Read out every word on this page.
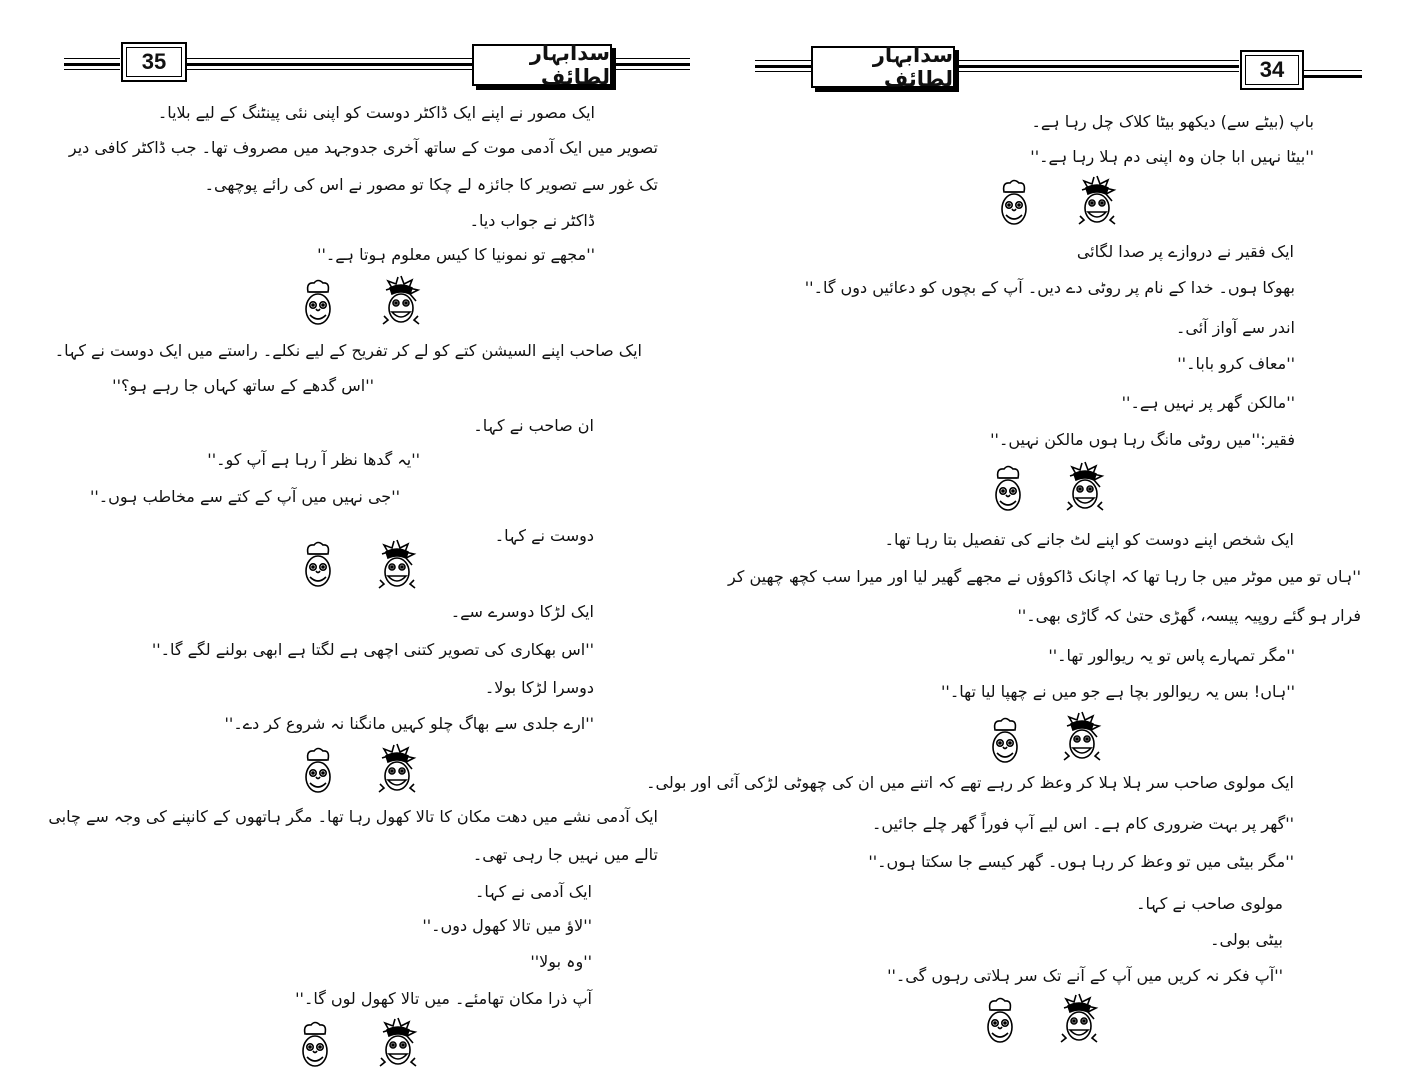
35	سدابہار لطائف
ایک مصور نے اپنے ایک ڈاکٹر دوست کو اپنی نئی پینٹنگ کے لیے بلایا۔
تصویر میں ایک آدمی موت کے ساتھ آخری جدوجہد میں مصروف تھا۔ جب ڈاکٹر کافی دیر
تک غور سے تصویر کا جائزہ لے چکا تو مصور نے اس کی رائے پوچھی۔
ڈاکٹر نے جواب دیا۔
''مجھے تو نمونیا کا کیس معلوم ہوتا ہے۔''
ایک صاحب اپنے السیشن کتے کو لے کر تفریح کے لیے نکلے۔ راستے میں ایک دوست نے کہا۔
''اس گدھے کے ساتھ کہاں جا رہے ہو؟''
ان صاحب نے کہا۔
''یہ گدھا نظر آ رہا ہے آپ کو۔''
''جی نہیں میں آپ کے کتے سے مخاطب ہوں۔''
دوست نے کہا۔
ایک لڑکا دوسرے سے۔
''اس بھکاری کی تصویر کتنی اچھی ہے لگتا ہے ابھی بولنے لگے گا۔''
دوسرا لڑکا بولا۔
''ارے جلدی سے بھاگ چلو کہیں مانگنا نہ شروع کر دے۔''
ایک آدمی نشے میں دھت مکان کا تالا کھول رہا تھا۔ مگر ہاتھوں کے کانپنے کی وجہ سے چابی
تالے میں نہیں جا رہی تھی۔
ایک آدمی نے کہا۔
''لاؤ میں تالا کھول دوں۔''
''وہ بولا''
آپ ذرا مکان تھامئے۔ میں تالا کھول لوں گا۔''
سدابہار لطائف	34
باپ (بیٹے سے) دیکھو بیٹا کلاک چل رہا ہے۔
''بیٹا نہیں ابا جان وہ اپنی دم ہلا رہا ہے۔''
ایک فقیر نے دروازے پر صدا لگائی
بھوکا ہوں۔ خدا کے نام پر روٹی دے دیں۔ آپ کے بچوں کو دعائیں دوں گا۔''
اندر سے آواز آئی۔
''معاف کرو بابا۔''
''مالکن گھر پر نہیں ہے۔''
فقیر:''میں روٹی مانگ رہا ہوں مالکن نہیں۔''
ایک شخص اپنے دوست کو اپنے لٹ جانے کی تفصیل بتا رہا تھا۔
''ہاں تو میں موٹر میں جا رہا تھا کہ اچانک ڈاکوؤں نے مجھے گھیر لیا اور میرا سب کچھ چھین کر
فرار ہو گئے روپیہ پیسہ، گھڑی حتیٰ کہ گاڑی بھی۔''
''مگر تمہارے پاس تو یہ ریوالور تھا۔''
''ہاں! بس یہ ریوالور بچا ہے جو میں نے چھپا لیا تھا۔''
ایک مولوی صاحب سر ہلا ہلا کر وعظ کر رہے تھے کہ اتنے میں ان کی چھوٹی لڑکی آئی اور بولی۔
''گھر پر بہت ضروری کام ہے۔ اس لیے آپ فوراً گھر چلے جائیں۔
''مگر بیٹی میں تو وعظ کر رہا ہوں۔ گھر کیسے جا سکتا ہوں۔''
مولوی صاحب نے کہا۔
بیٹی بولی۔
''آپ فکر نہ کریں میں آپ کے آنے تک سر ہلاتی رہوں گی۔''
